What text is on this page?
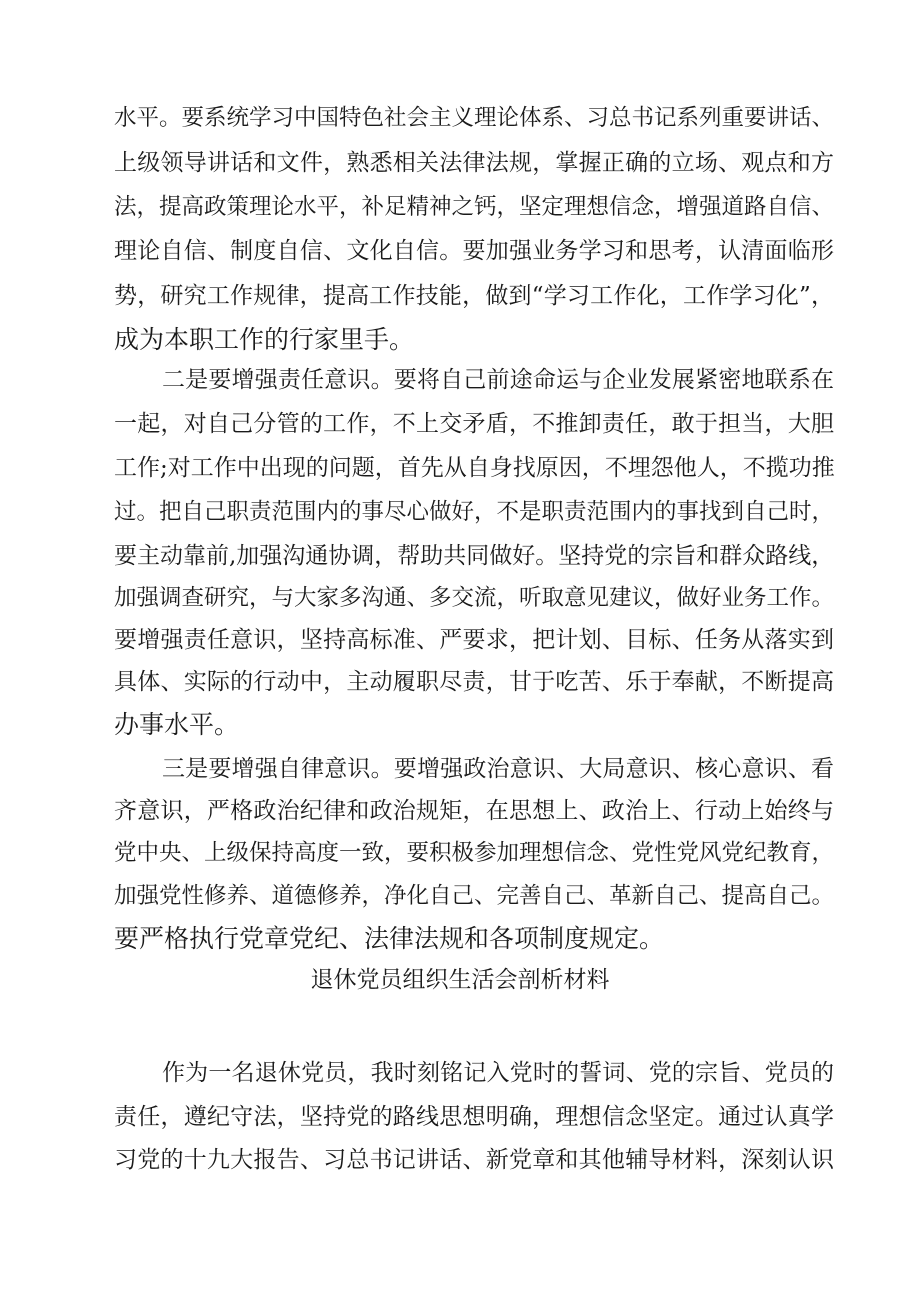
水平。要系统学习中国特色社会主义理论体系、习总书记系列重要讲话、
上级领导讲话和文件，熟悉相关法律法规，掌握正确的立场、观点和方
法，提高政策理论水平，补足精神之钙，坚定理想信念，增强道路自信、
理论自信、制度自信、文化自信。要加强业务学习和思考，认清面临形
势，研究工作规律，提高工作技能，做到“学习工作化，工作学习化”，
成为本职工作的行家里手。
二是要增强责任意识。要将自己前途命运与企业发展紧密地联系在
一起，对自己分管的工作，不上交矛盾，不推卸责任，敢于担当，大胆
工作;对工作中出现的问题，首先从自身找原因，不埋怨他人，不揽功推
过。把自己职责范围内的事尽心做好，不是职责范围内的事找到自己时，
要主动靠前,加强沟通协调，帮助共同做好。坚持党的宗旨和群众路线，
加强调查研究，与大家多沟通、多交流，听取意见建议，做好业务工作。
要增强责任意识，坚持高标准、严要求，把计划、目标、任务从落实到
具体、实际的行动中，主动履职尽责，甘于吃苦、乐于奉献，不断提高
办事水平。
三是要增强自律意识。要增强政治意识、大局意识、核心意识、看
齐意识，严格政治纪律和政治规矩，在思想上、政治上、行动上始终与
党中央、上级保持高度一致，要积极参加理想信念、党性党风党纪教育，
加强党性修养、道德修养，净化自己、完善自己、革新自己、提高自己。
要严格执行党章党纪、法律法规和各项制度规定。
退休党员组织生活会剖析材料
作为一名退休党员，我时刻铭记入党时的誓词、党的宗旨、党员的
责任，遵纪守法，坚持党的路线思想明确，理想信念坚定。通过认真学
习党的十九大报告、习总书记讲话、新党章和其他辅导材料，深刻认识
